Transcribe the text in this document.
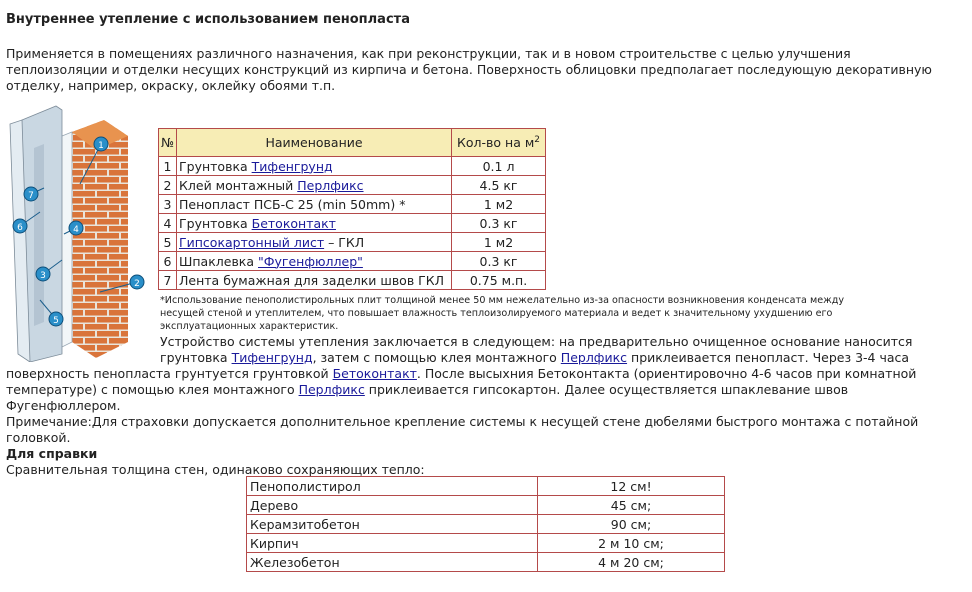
Внутреннее утепление с использованием пенопласта
Применяется в помещениях различного назначения, как при реконструкции, так и в новом строительстве с целью улучшения
теплоизоляции и отделки несущих конструкций из кирпича и бетона. Поверхность облицовки предполагает последующую декоративную
отделку, например, окраску, оклейку обоями т.п.
1
7
6	4
3
2
5
№	Наименование	Кол-во на $м^2$
1	Грунтовка Тифенгрунд	0.1 л
2	Клей монтажный Перлфикс	4.5 кг
3	Пенопласт ПСБ-С 25 (min 50mm) *	1 м2
4	Грунтовка Бетоконтакт	0.3 кг
5	Гипсокартонный лист – ГКЛ	1 м2
6	Шпаклевка "Фугенфюллер"	0.3 кг
7	Лента бумажная для заделки швов ГКЛ	0.75 м.п.
*Использование пенополистирольных плит толщиной менее 50 мм нежелательно из-за опасности возникновения конденсата между
несущей стеной и утеплителем, что повышает влажность теплоизолируемого материала и ведет к значительному ухудшению его
эксплуатационных характеристик.
Устройство системы утепления заключается в следующем: на предварительно очищенное основание наносится
грунтовка Тифенгрунд, затем с помощью клея монтажного Перлфикс приклеивается пенопласт. Через 3-4 часа
поверхность пенопласта грунтуется грунтовкой Бетоконтакт. После высыхния Бетоконтакта (ориентировочно 4-6 часов при комнатной
температуре) с помощью клея монтажного Перлфикс приклеивается гипсокартон. Далее осуществляется шпаклевание швов
Фугенфюллером.
Примечание:Для страховки допускается дополнительное крепление системы к несущей стене дюбелями быстрого монтажа с потайной
головкой.
Для справки
Сравнительная толщина стен, одинаково сохраняющих тепло:
Пенополистирол	12 см!
Дерево	45 см;
Керамзитобетон	90 см;
Кирпич	2 м 10 см;
Железобетон	4 м 20 см;
